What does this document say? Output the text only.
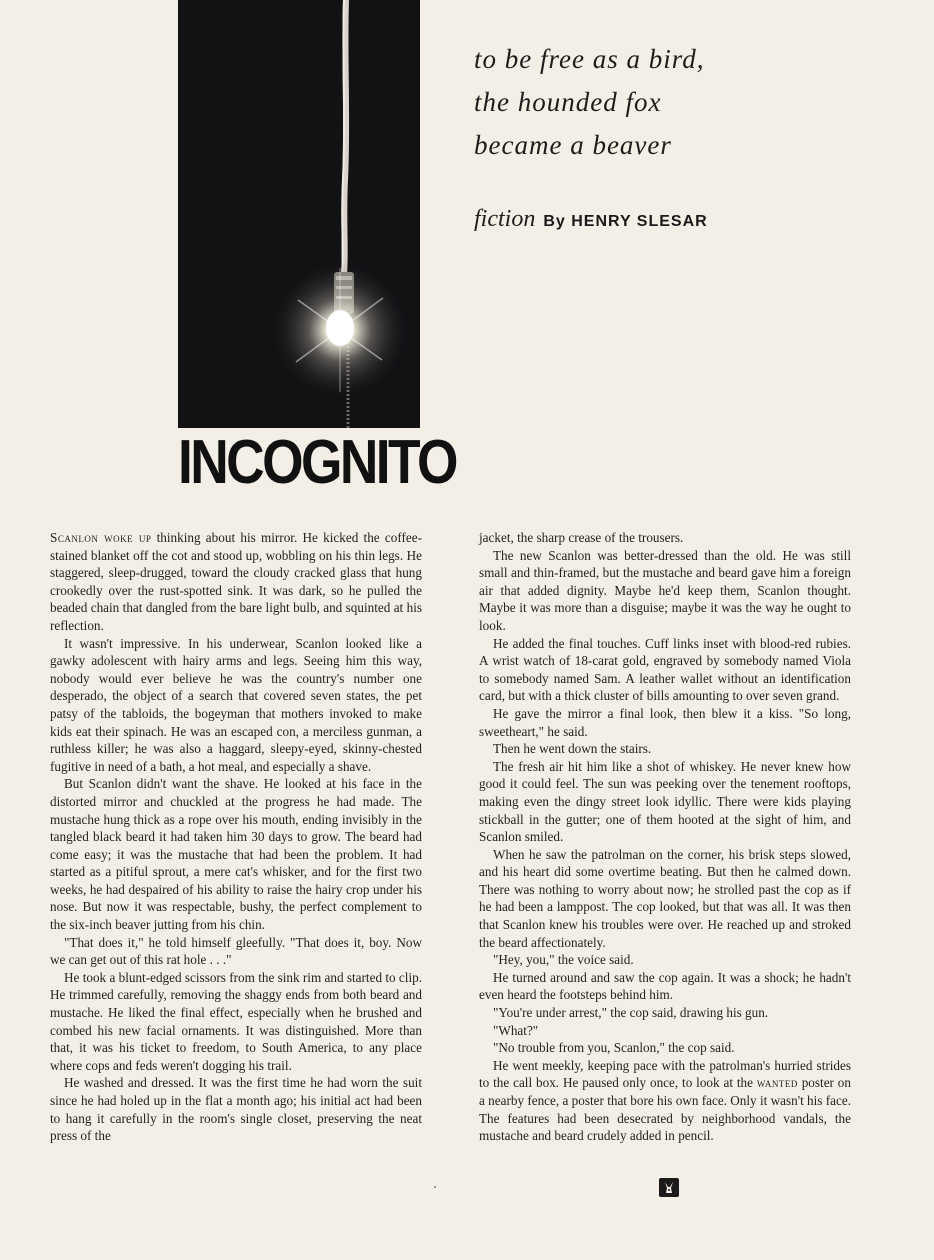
INCOGNITO
to be free as a bird,
the hounded fox
became a beaver
fiction By HENRY SLESAR

Scanlon woke up thinking about his mirror. He kicked the coffee-stained blanket off the cot and stood up, wobbling on his thin legs. He staggered, sleep-drugged, toward the cloudy cracked glass that hung crookedly over the rust-spotted sink. It was dark, so he pulled the beaded chain that dangled from the bare light bulb, and squinted at his reflection.

It wasn't impressive. In his underwear, Scanlon looked like a gawky adolescent with hairy arms and legs. Seeing him this way, nobody would ever believe he was the country's number one desperado, the object of a search that covered seven states, the pet patsy of the tabloids, the bogeyman that mothers invoked to make kids eat their spinach. He was an escaped con, a merciless gunman, a ruthless killer; he was also a haggard, sleepy-eyed, skinny-chested fugitive in need of a bath, a hot meal, and especially a shave.

But Scanlon didn't want the shave. He looked at his face in the distorted mirror and chuckled at the progress he had made. The mustache hung thick as a rope over his mouth, ending invisibly in the tangled black beard it had taken him 30 days to grow. The beard had come easy; it was the mustache that had been the problem. It had started as a pitiful sprout, a mere cat's whisker, and for the first two weeks, he had despaired of his ability to raise the hairy crop under his nose. But now it was respectable, bushy, the perfect complement to the six-inch beaver jutting from his chin.

"That does it," he told himself gleefully. "That does it, boy. Now we can get out of this rat hole . . ."

He took a blunt-edged scissors from the sink rim and started to clip. He trimmed carefully, removing the shaggy ends from both beard and mustache. He liked the final effect, especially when he brushed and combed his new facial ornaments. It was distinguished. More than that, it was his ticket to freedom, to South America, to any place where cops and feds weren't dogging his trail.

He washed and dressed. It was the first time he had worn the suit since he had holed up in the flat a month ago; his initial act had been to hang it carefully in the room's single closet, preserving the neat press of the

jacket, the sharp crease of the trousers.

The new Scanlon was better-dressed than the old. He was still small and thin-framed, but the mustache and beard gave him a foreign air that added dignity. Maybe he'd keep them, Scanlon thought. Maybe it was more than a disguise; maybe it was the way he ought to look.

He added the final touches. Cuff links inset with blood-red rubies. A wrist watch of 18-carat gold, engraved by somebody named Viola to somebody named Sam. A leather wallet without an identification card, but with a thick cluster of bills amounting to over seven grand.

He gave the mirror a final look, then blew it a kiss. "So long, sweetheart," he said.

Then he went down the stairs.

The fresh air hit him like a shot of whiskey. He never knew how good it could feel. The sun was peeking over the tenement rooftops, making even the dingy street look idyllic. There were kids playing stickball in the gutter; one of them hooted at the sight of him, and Scanlon smiled.

When he saw the patrolman on the corner, his brisk steps slowed, and his heart did some overtime beating. But then he calmed down. There was nothing to worry about now; he strolled past the cop as if he had been a lamppost. The cop looked, but that was all. It was then that Scanlon knew his troubles were over. He reached up and stroked the beard affectionately.

"Hey, you," the voice said.

He turned around and saw the cop again. It was a shock; he hadn't even heard the footsteps behind him.

"You're under arrest," the cop said, drawing his gun.

"What?"

"No trouble from you, Scanlon," the cop said.

He went meekly, keeping pace with the patrolman's hurried strides to the call box. He paused only once, to look at the wanted poster on a nearby fence, a poster that bore his own face. Only it wasn't his face. The features had been desecrated by neighborhood vandals, the mustache and beard crudely added in pencil.
